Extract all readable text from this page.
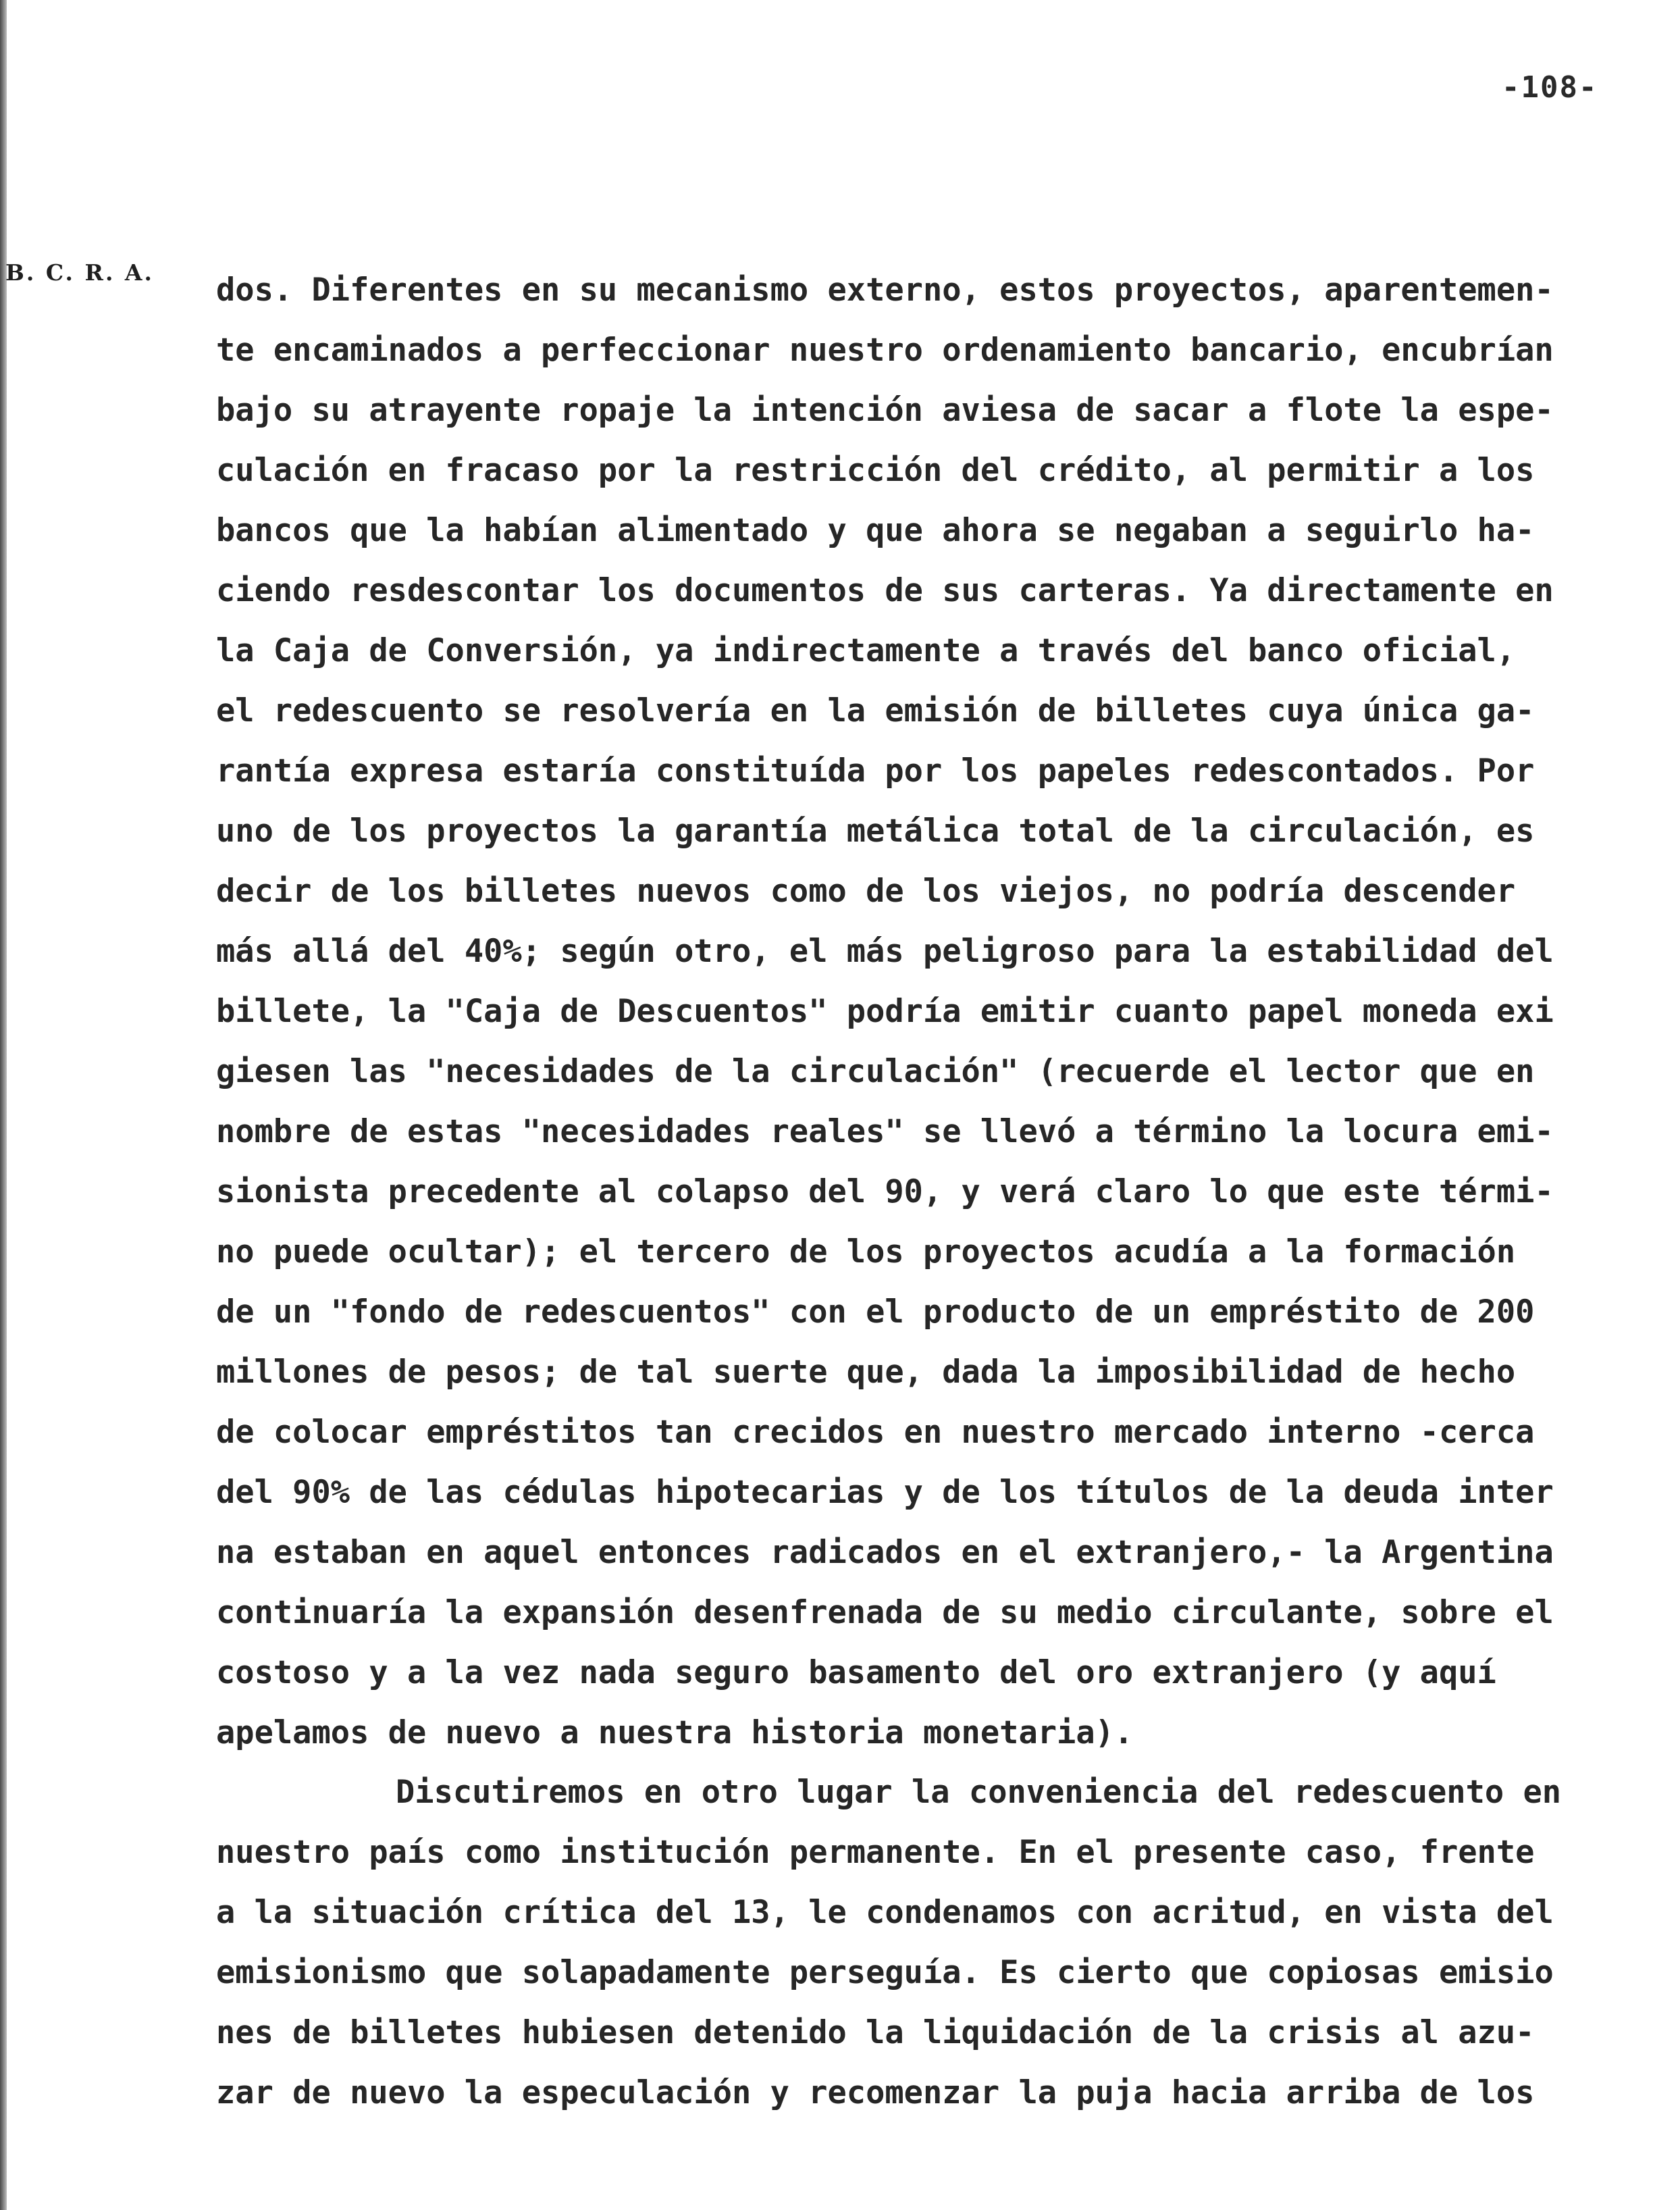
B. C. R. A.
-108-
dos. Diferentes en su mecanismo externo, estos proyectos, aparentemen-
te encaminados a perfeccionar nuestro ordenamiento bancario, encubrían
bajo su atrayente ropaje la intención aviesa de sacar a flote la espe-
culación en fracaso por la restricción del crédito, al permitir a los
bancos que la habían alimentado y que ahora se negaban a seguirlo ha-
ciendo resdescontar los documentos de sus carteras. Ya directamente en
la Caja de Conversión, ya indirectamente a través del banco oficial,
el redescuento se resolvería en la emisión de billetes cuya única ga-
rantía expresa estaría constituída por los papeles redescontados. Por
uno de los proyectos la garantía metálica total de la circulación, es
decir de los billetes nuevos como de los viejos, no podría descender
más allá del 40%; según otro, el más peligroso para la estabilidad del
billete, la "Caja de Descuentos" podría emitir cuanto papel moneda exi
giesen las "necesidades de la circulación" (recuerde el lector que en
nombre de estas "necesidades reales" se llevó a término la locura emi-
sionista precedente al colapso del 90, y verá claro lo que este térmi-
no puede ocultar); el tercero de los proyectos acudía a la formación
de un "fondo de redescuentos" con el producto de un empréstito de 200
millones de pesos; de tal suerte que, dada la imposibilidad de hecho
de colocar empréstitos tan crecidos en nuestro mercado interno -cerca
del 90% de las cédulas hipotecarias y de los títulos de la deuda inter
na estaban en aquel entonces radicados en el extranjero,- la Argentina
continuaría la expansión desenfrenada de su medio circulante, sobre el
costoso y a la vez nada seguro basamento del oro extranjero (y aquí
apelamos de nuevo a nuestra historia monetaria).
Discutiremos en otro lugar la conveniencia del redescuento en
nuestro país como institución permanente. En el presente caso, frente
a la situación crítica del 13, le condenamos con acritud, en vista del
emisionismo que solapadamente perseguía. Es cierto que copiosas emisio
nes de billetes hubiesen detenido la liquidación de la crisis al azu-
zar de nuevo la especulación y recomenzar la puja hacia arriba de los
